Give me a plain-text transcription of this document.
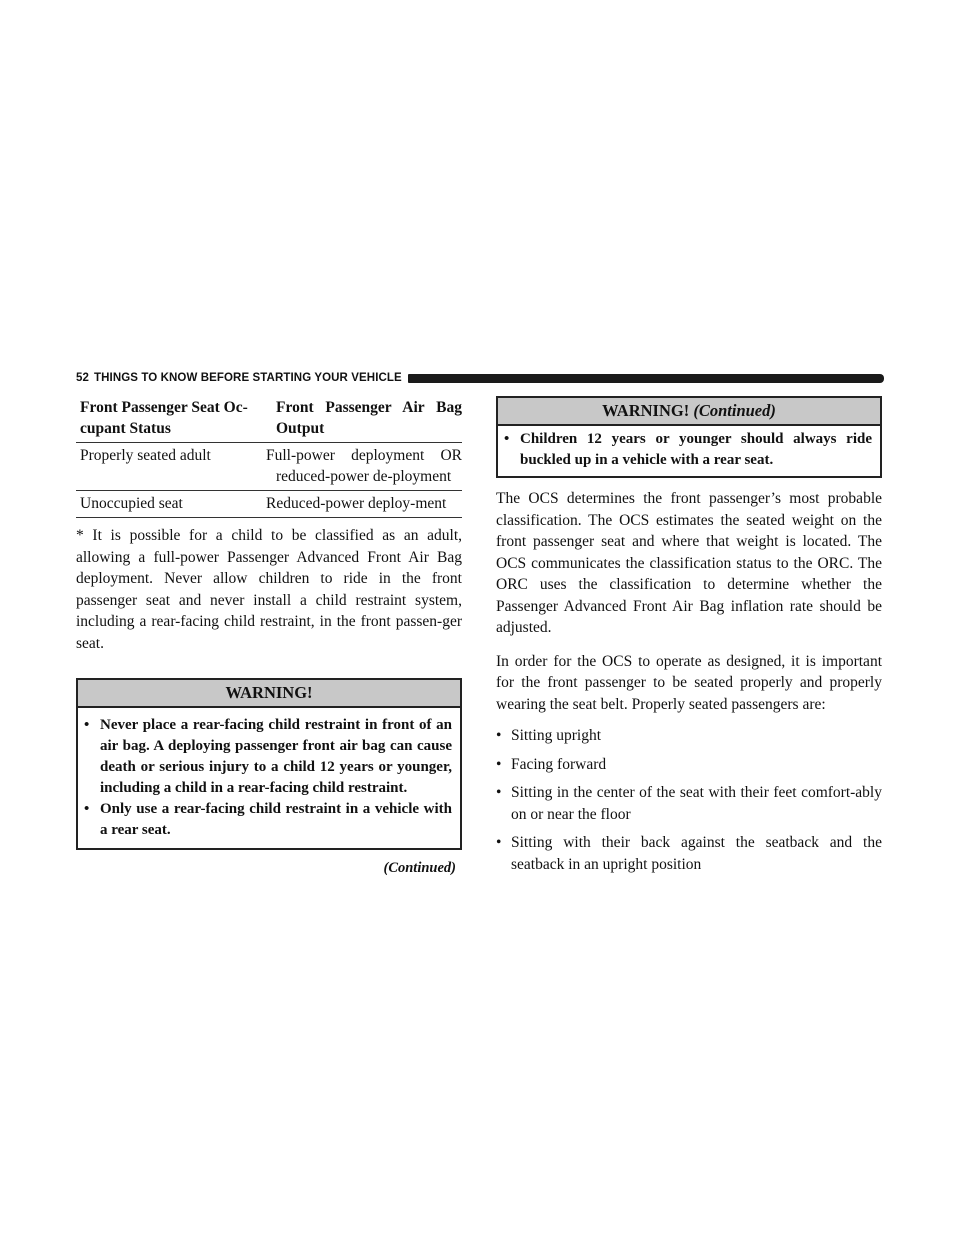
52 THINGS TO KNOW BEFORE STARTING YOUR VEHICLE
Front Passenger Seat Oc-cupant Status	Front Passenger Air Bag Output
Properly seated adult	Full-power deployment OR reduced-power de-ployment
Unoccupied seat	Reduced-power deploy-ment

* It is possible for a child to be classified as an adult, allowing a full-power Passenger Advanced Front Air Bag deployment. Never allow children to ride in the front passenger seat and never install a child restraint system, including a rear-facing child restraint, in the front passen-ger seat.

WARNING!
• Never place a rear-facing child restraint in front of an air bag. A deploying passenger front air bag can cause death or serious injury to a child 12 years or younger, including a child in a rear-facing child restraint.
• Only use a rear-facing child restraint in a vehicle with a rear seat.
(Continued)
WARNING! (Continued)
• Children 12 years or younger should always ride buckled up in a vehicle with a rear seat.

The OCS determines the front passenger’s most probable classification. The OCS estimates the seated weight on the front passenger seat and where that weight is located. The OCS communicates the classification status to the ORC. The ORC uses the classification to determine whether the Passenger Advanced Front Air Bag inflation rate should be adjusted.

In order for the OCS to operate as designed, it is important for the front passenger to be seated properly and properly wearing the seat belt. Properly seated passengers are:

• Sitting upright
• Facing forward
• Sitting in the center of the seat with their feet comfort-ably on or near the floor
• Sitting with their back against the seatback and the seatback in an upright position
